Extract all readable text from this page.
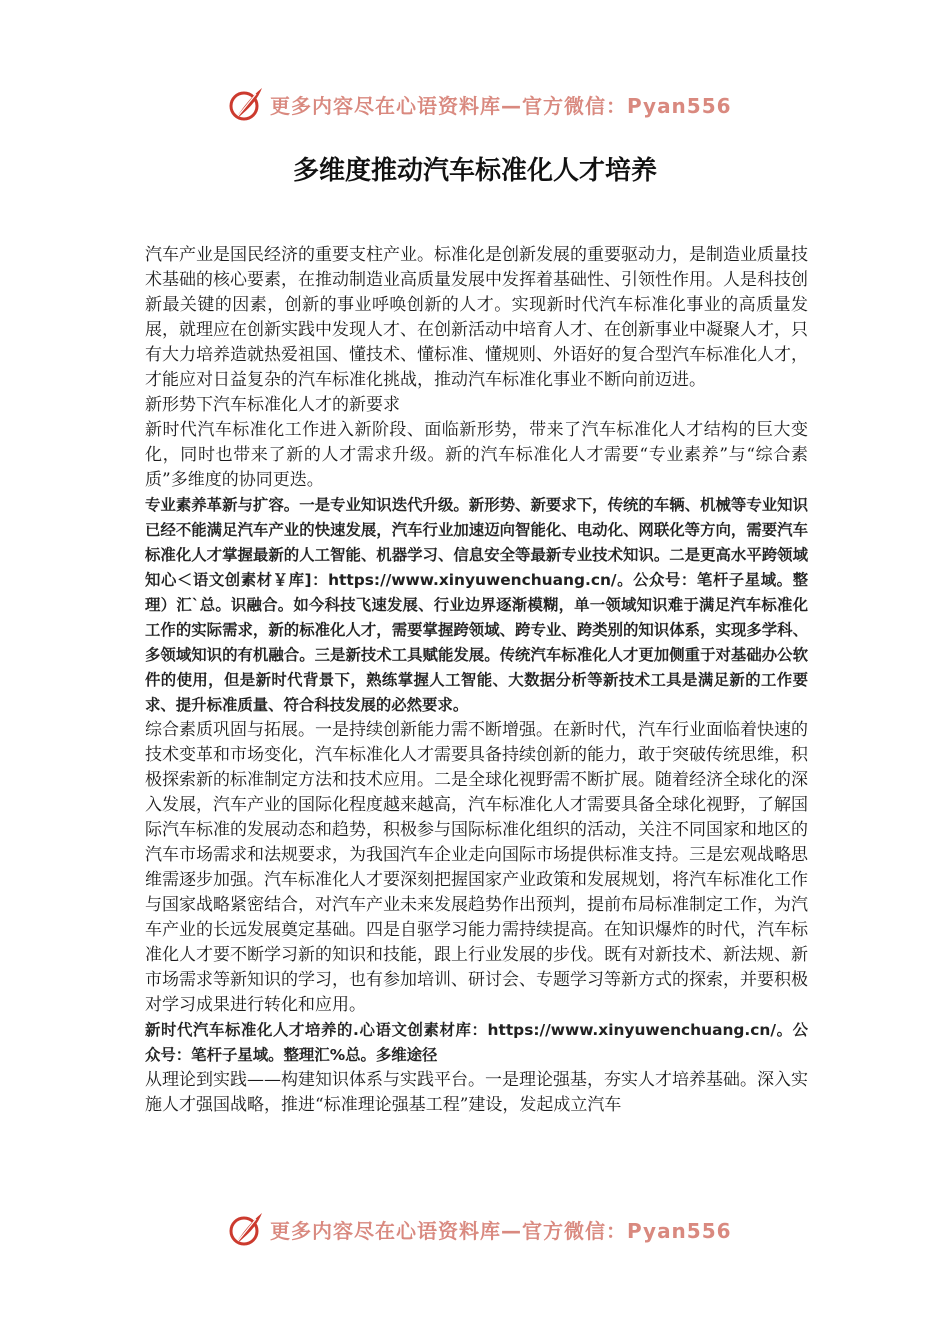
更多内容尽在心语资料库—官方微信：Pyan556
多维度推动汽车标准化人才培养

汽车产业是国民经济的重要支柱产业。标准化是创新发展的重要驱动力，是制造业质量技术基础的核心要素，在推动制造业高质量发展中发挥着基础性、引领性作用。人是科技创新最关键的因素，创新的事业呼唤创新的人才。实现新时代汽车标准化事业的高质量发展，就理应在创新实践中发现人才、在创新活动中培育人才、在创新事业中凝聚人才，只有大力培养造就热爱祖国、懂技术、懂标准、懂规则、外语好的复合型汽车标准化人才，才能应对日益复杂的汽车标准化挑战，推动汽车标准化事业不断向前迈进。

新形势下汽车标准化人才的新要求

新时代汽车标准化工作进入新阶段、面临新形势，带来了汽车标准化人才结构的巨大变化，同时也带来了新的人才需求升级。新的汽车标准化人才需要“专业素养”与“综合素质”多维度的协同更迭。

专业素养革新与扩容。一是专业知识迭代升级。新形势、新要求下，传统的车辆、机械等专业知识已经不能满足汽车产业的快速发展，汽车行业加速迈向智能化、电动化、网联化等方向，需要汽车标准化人才掌握最新的人工智能、机器学习、信息安全等最新专业技术知识。二是更高水平跨领域知心＜语文创素材￥库]：https://www.xinyuwenchuang.cn/。公众号：笔杆子星域。整理）汇`总。识融合。如今科技飞速发展、行业边界逐渐模糊，单一领域知识难于满足汽车标准化工作的实际需求，新的标准化人才，需要掌握跨领域、跨专业、跨类别的知识体系，实现多学科、多领域知识的有机融合。三是新技术工具赋能发展。传统汽车标准化人才更加侧重于对基础办公软件的使用，但是新时代背景下，熟练掌握人工智能、大数据分析等新技术工具是满足新的工作要求、提升标准质量、符合科技发展的必然要求。

综合素质巩固与拓展。一是持续创新能力需不断增强。在新时代，汽车行业面临着快速的技术变革和市场变化，汽车标准化人才需要具备持续创新的能力，敢于突破传统思维，积极探索新的标准制定方法和技术应用。二是全球化视野需不断扩展。随着经济全球化的深入发展，汽车产业的国际化程度越来越高，汽车标准化人才需要具备全球化视野，了解国际汽车标准的发展动态和趋势，积极参与国际标准化组织的活动，关注不同国家和地区的汽车市场需求和法规要求，为我国汽车企业走向国际市场提供标准支持。三是宏观战略思维需逐步加强。汽车标准化人才要深刻把握国家产业政策和发展规划，将汽车标准化工作与国家战略紧密结合，对汽车产业未来发展趋势作出预判，提前布局标准制定工作，为汽车产业的长远发展奠定基础。四是自驱学习能力需持续提高。在知识爆炸的时代，汽车标准化人才要不断学习新的知识和技能，跟上行业发展的步伐。既有对新技术、新法规、新市场需求等新知识的学习，也有参加培训、研讨会、专题学习等新方式的探索，并要积极对学习成果进行转化和应用。

新时代汽车标准化人才培养的.心语文创素材库：https://www.xinyuwenchuang.cn/。公众号：笔杆子星域。整理汇%总。多维途径

从理论到实践——构建知识体系与实践平台。一是理论强基，夯实人才培养基础。深入实施人才强国战略，推进“标准理论强基工程”建设，发起成立汽车

更多内容尽在心语资料库—官方微信：Pyan556
